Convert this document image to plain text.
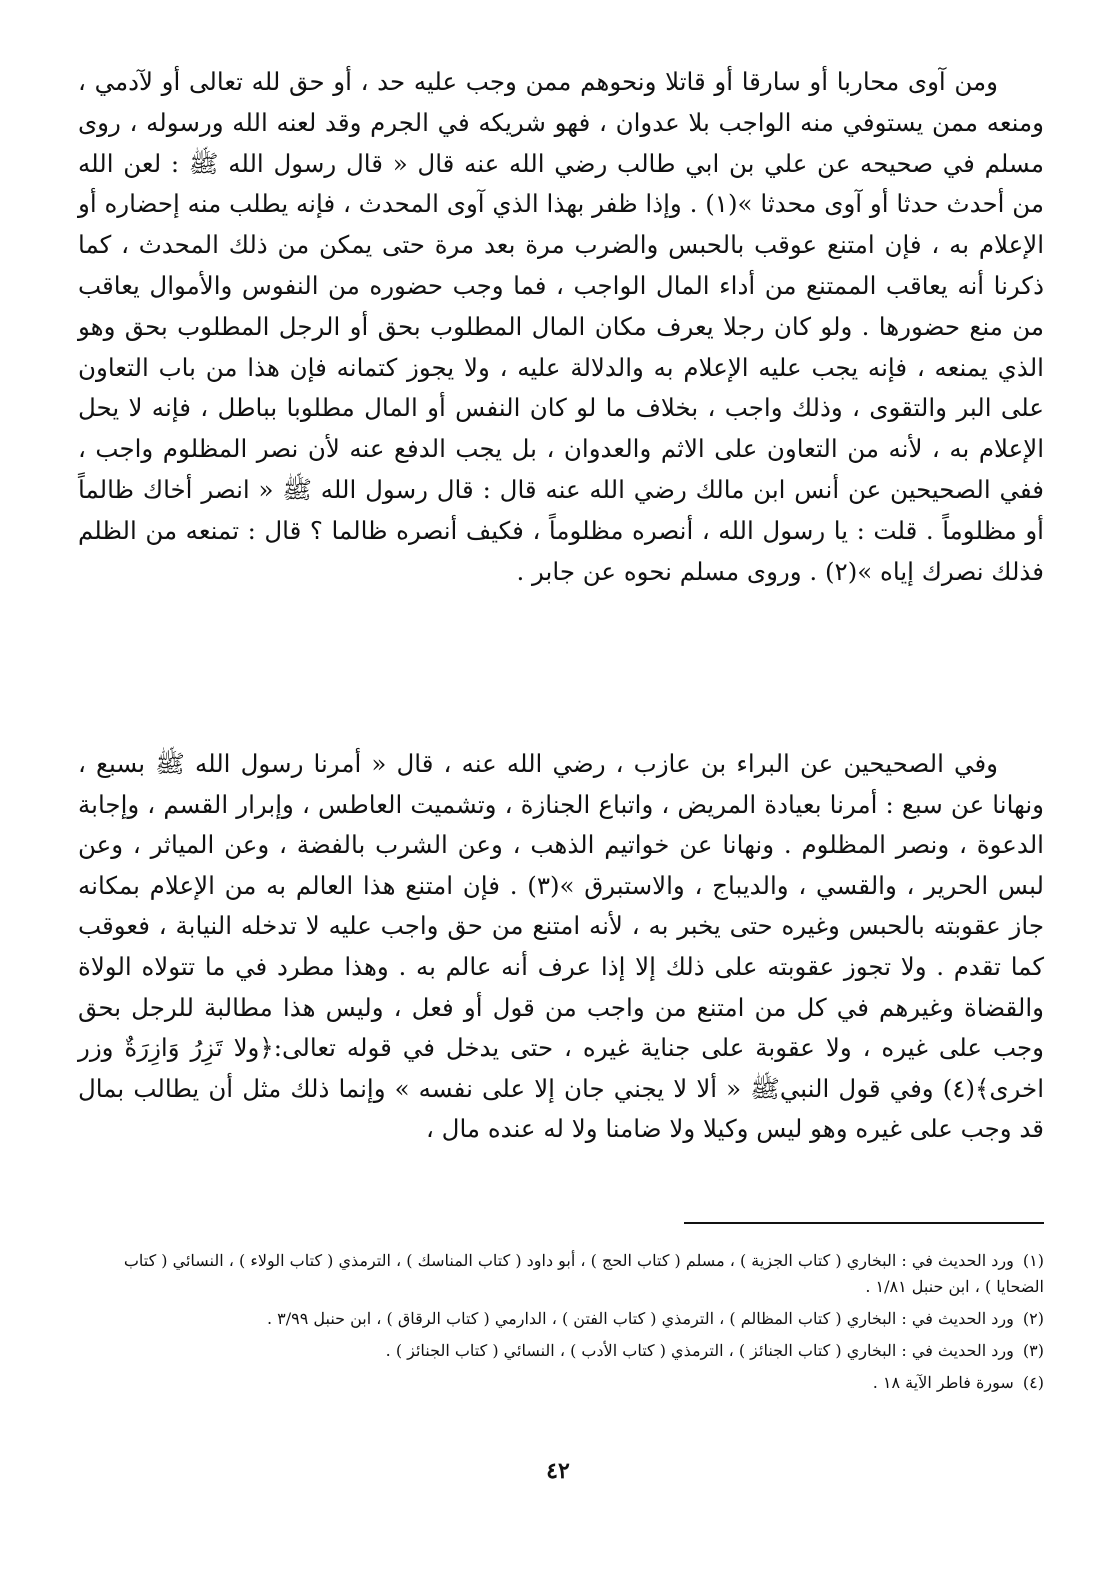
ومن آوى محاربا أو سارقا أو قاتلا ونحوهم ممن وجب عليه حد ، أو حق لله تعالى أو لآدمي ، ومنعه ممن يستوفي منه الواجب بلا عدوان ، فهو شريكه في الجرم وقد لعنه الله ورسوله ، روى مسلم في صحيحه عن علي بن ابي طالب رضي الله عنه قال « قال رسول الله ﷺ : لعن الله من أحدث حدثا أو آوى محدثا »(١) . وإذا ظفر بهذا الذي آوى المحدث ، فإنه يطلب منه إحضاره أو الإعلام به ، فإن امتنع عوقب بالحبس والضرب مرة بعد مرة حتى يمكن من ذلك المحدث ، كما ذكرنا أنه يعاقب الممتنع من أداء المال الواجب ، فما وجب حضوره من النفوس والأموال يعاقب من منع حضورها . ولو كان رجلا يعرف مكان المال المطلوب بحق أو الرجل المطلوب بحق وهو الذي يمنعه ، فإنه يجب عليه الإعلام به والدلالة عليه ، ولا يجوز كتمانه فإن هذا من باب التعاون على البر والتقوى ، وذلك واجب ، بخلاف ما لو كان النفس أو المال مطلوبا بباطل ، فإنه لا يحل الإعلام به ، لأنه من التعاون على الاثم والعدوان ، بل يجب الدفع عنه لأن نصر المظلوم واجب ، ففي الصحيحين عن أنس ابن مالك رضي الله عنه قال : قال رسول الله ﷺ « انصر أخاك ظالماً أو مظلوماً . قلت : يا رسول الله ، أنصره مظلوماً ، فكيف أنصره ظالما ؟ قال : تمنعه من الظلم فذلك نصرك إياه »(٢) . وروى مسلم نحوه عن جابر .

وفي الصحيحين عن البراء بن عازب ، رضي الله عنه ، قال « أمرنا رسول الله ﷺ بسبع ، ونهانا عن سبع : أمرنا بعيادة المريض ، واتباع الجنازة ، وتشميت العاطس ، وإبرار القسم ، وإجابة الدعوة ، ونصر المظلوم . ونهانا عن خواتيم الذهب ، وعن الشرب بالفضة ، وعن المياثر ، وعن لبس الحرير ، والقسي ، والديباج ، والاستبرق »(٣) . فإن امتنع هذا العالم به من الإعلام بمكانه جاز عقوبته بالحبس وغيره حتى يخبر به ، لأنه امتنع من حق واجب عليه لا تدخله النيابة ، فعوقب كما تقدم . ولا تجوز عقوبته على ذلك إلا إذا عرف أنه عالم به . وهذا مطرد في ما تتولاه الولاة والقضاة وغيرهم في كل من امتنع من واجب من قول أو فعل ، وليس هذا مطالبة للرجل بحق وجب على غيره ، ولا عقوبة على جناية غيره ، حتى يدخل في قوله تعالى:﴿ولا تَزِرُ وَازِرَةٌ وزر اخرى﴾(٤) وفي قول النبيﷺ « ألا لا يجني جان إلا على نفسه » وإنما ذلك مثل أن يطالب بمال قد وجب على غيره وهو ليس وكيلا ولا ضامنا ولا له عنده مال ،

(١) ورد الحديث في : البخاري ( كتاب الجزية ) ، مسلم ( كتاب الحج ) ، أبو داود ( كتاب المناسك ) ، الترمذي ( كتاب الولاء ) ، النسائي ( كتاب الضحايا ) ، ابن حنبل ١/٨١ .
(٢) ورد الحديث في : البخاري ( كتاب المظالم ) ، الترمذي ( كتاب الفتن ) ، الدارمي ( كتاب الرقاق ) ، ابن حنبل ٣/٩٩ .
(٣) ورد الحديث في : البخاري ( كتاب الجنائز ) ، الترمذي ( كتاب الأدب ) ، النسائي ( كتاب الجنائز ) .
(٤) سورة فاطر الآية ١٨ .
٤٢
